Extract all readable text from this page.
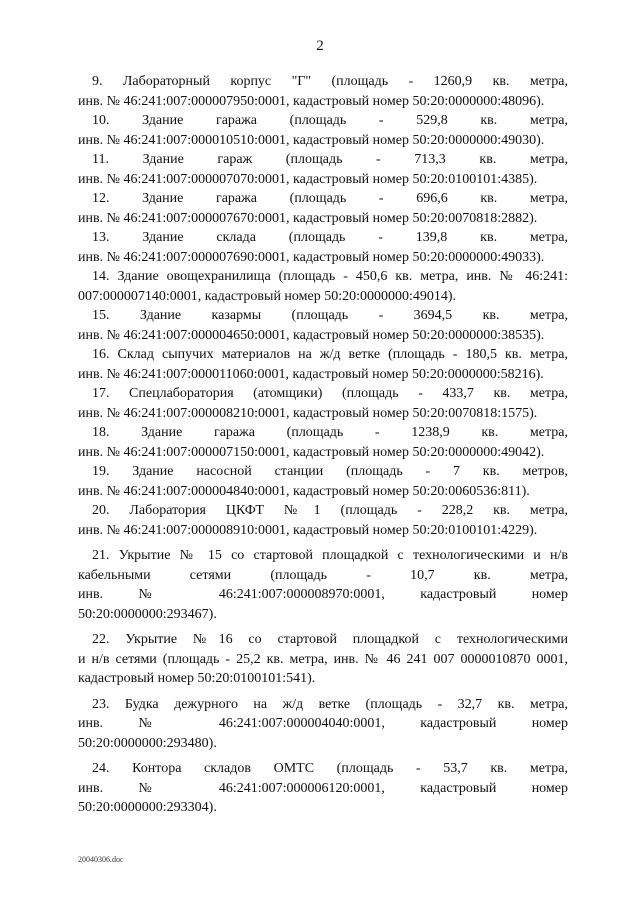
2
9. Лабораторный корпус "Г" (площадь - 1260,9 кв. метра,
инв. № 46:241:007:000007950:0001, кадастровый номер 50:20:0000000:48096).
10. Здание гаража (площадь - 529,8 кв. метра,
инв. № 46:241:007:000010510:0001, кадастровый номер 50:20:0000000:49030).
11. Здание гараж (площадь - 713,3 кв. метра,
инв. № 46:241:007:000007070:0001, кадастровый номер 50:20:0100101:4385).
12. Здание гаража (площадь - 696,6 кв. метра,
инв. № 46:241:007:000007670:0001, кадастровый номер 50:20:0070818:2882).
13. Здание склада (площадь - 139,8 кв. метра,
инв. № 46:241:007:000007690:0001, кадастровый номер 50:20:0000000:49033).
14. Здание овощехранилища (площадь - 450,6 кв. метра, инв. № 46:241:
007:000007140:0001, кадастровый номер 50:20:0000000:49014).
15. Здание казармы (площадь - 3694,5 кв. метра,
инв. № 46:241:007:000004650:0001, кадастровый номер 50:20:0000000:38535).
16. Склад сыпучих материалов на ж/д ветке (площадь - 180,5 кв. метра,
инв. № 46:241:007:000011060:0001, кадастровый номер 50:20:0000000:58216).
17. Спецлаборатория (атомщики) (площадь - 433,7 кв. метра,
инв. № 46:241:007:000008210:0001, кадастровый номер 50:20:0070818:1575).
18. Здание гаража (площадь - 1238,9 кв. метра,
инв. № 46:241:007:000007150:0001, кадастровый номер 50:20:0000000:49042).
19. Здание насосной станции (площадь - 7 кв. метров,
инв. № 46:241:007:000004840:0001, кадастровый номер 50:20:0060536:811).
20. Лаборатория ЦКФТ №1 (площадь - 228,2 кв. метра,
инв. № 46:241:007:000008910:0001, кадастровый номер 50:20:0100101:4229).
21. Укрытие № 15 со стартовой площадкой с технологическими и н/в
кабельными сетями (площадь - 10,7 кв. метра,
инв. № 46:241:007:000008970:0001, кадастровый номер
50:20:0000000:293467).
22. Укрытие №16 со стартовой площадкой с технологическими
и н/в сетями (площадь - 25,2 кв. метра, инв. № 46 241 007 0000010870 0001,
кадастровый номер 50:20:0100101:541).
23. Будка дежурного на ж/д ветке (площадь - 32,7 кв. метра,
инв. № 46:241:007:000004040:0001, кадастровый номер
50:20:0000000:293480).
24. Контора складов ОМТС (площадь - 53,7 кв. метра,
инв. № 46:241:007:000006120:0001, кадастровый номер
50:20:0000000:293304).
20040306.doc
